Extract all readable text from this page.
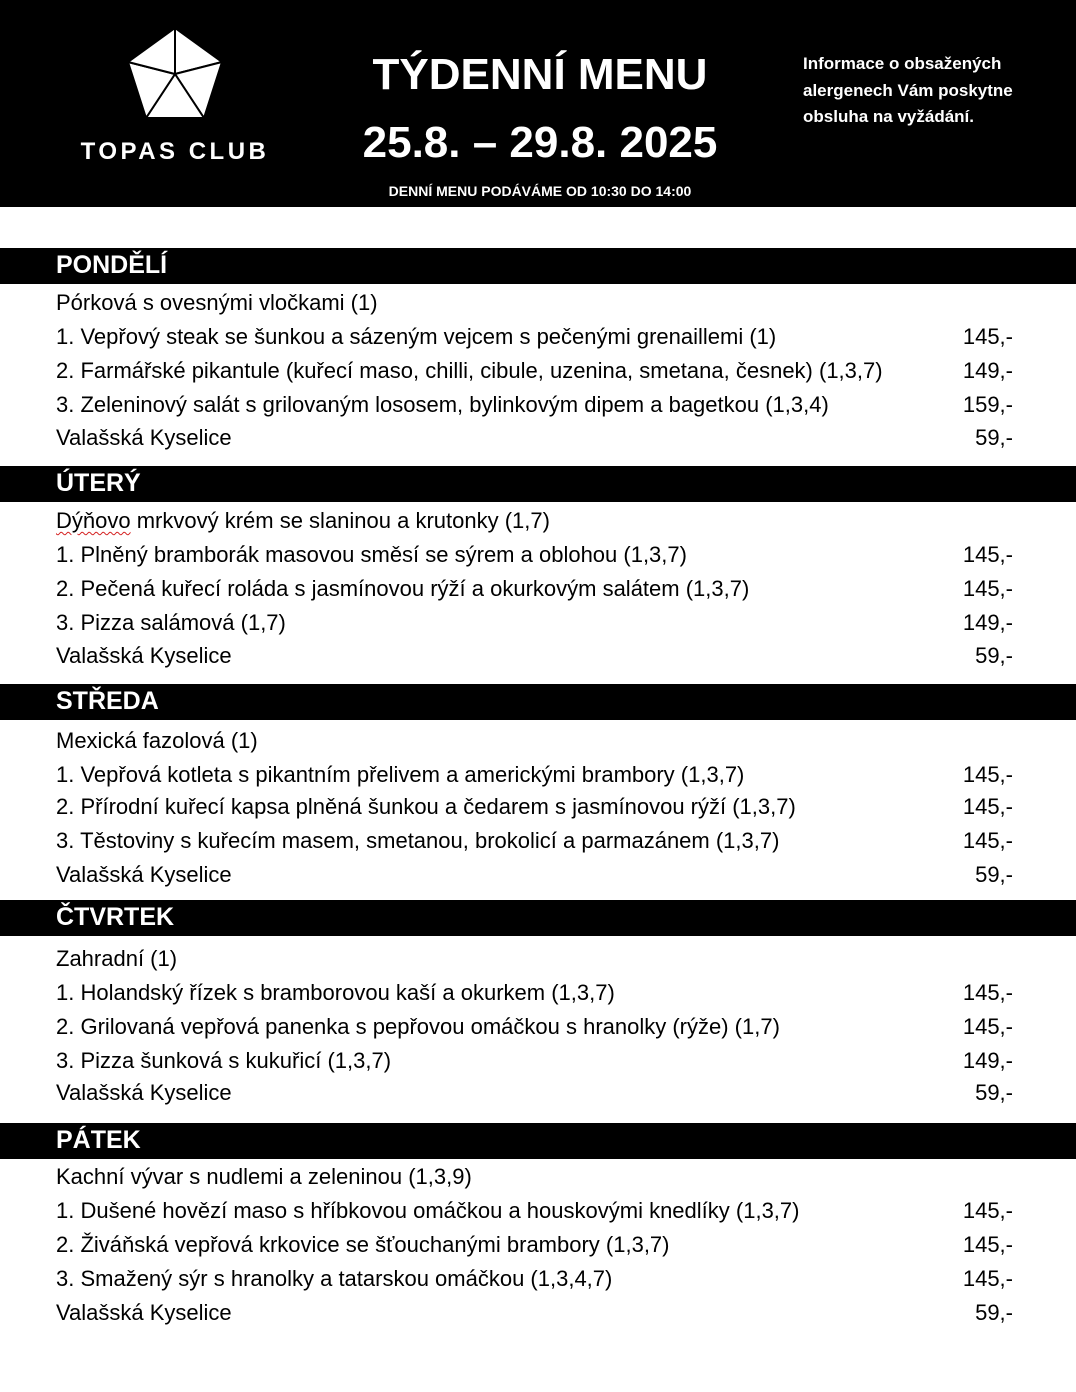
TOPAS CLUB
TÝDENNÍ MENU
25.8. – 29.8. 2025
DENNÍ MENU PODÁVÁME OD 10:30 DO 14:00
Informace o obsažených
alergenech Vám poskytne
obsluha na vyžádání.
PONDĚLÍ
Pórková s ovesnými vločkami (1)
1. Vepřový steak se šunkou a sázeným vejcem s pečenými grenaillemi (1)	145,-
2. Farmářské pikantule (kuřecí maso, chilli, cibule, uzenina, smetana, česnek) (1,3,7)	149,-
3. Zeleninový salát s grilovaným lososem, bylinkovým dipem a bagetkou (1,3,4)	159,-
Valašská Kyselice	59,-
ÚTERÝ
Dýňovo mrkvový krém se slaninou a krutonky (1,7)
1. Plněný bramborák masovou směsí se sýrem a oblohou (1,3,7)	145,-
2. Pečená kuřecí roláda s jasmínovou rýží a okurkovým salátem (1,3,7)	145,-
3. Pizza salámová (1,7)	149,-
Valašská Kyselice	59,-
STŘEDA
Mexická fazolová (1)
1. Vepřová kotleta s pikantním přelivem a americkými brambory (1,3,7)	145,-
2. Přírodní kuřecí kapsa plněná šunkou a čedarem s jasmínovou rýží (1,3,7)	145,-
3. Těstoviny s kuřecím masem, smetanou, brokolicí a parmazánem (1,3,7)	145,-
Valašská Kyselice	59,-
ČTVRTEK
Zahradní (1)
1. Holandský řízek s bramborovou kaší a okurkem (1,3,7)	145,-
2. Grilovaná vepřová panenka s pepřovou omáčkou s hranolky (rýže) (1,7)	145,-
3. Pizza šunková s kukuřicí (1,3,7)	149,-
Valašská Kyselice	59,-
PÁTEK
Kachní vývar s nudlemi a zeleninou (1,3,9)
1. Dušené hovězí maso s hříbkovou omáčkou a houskovými knedlíky (1,3,7)	145,-
2. Živáňská vepřová krkovice se šťouchanými brambory (1,3,7)	145,-
3. Smažený sýr s hranolky a tatarskou omáčkou (1,3,4,7)	145,-
Valašská Kyselice	59,-
